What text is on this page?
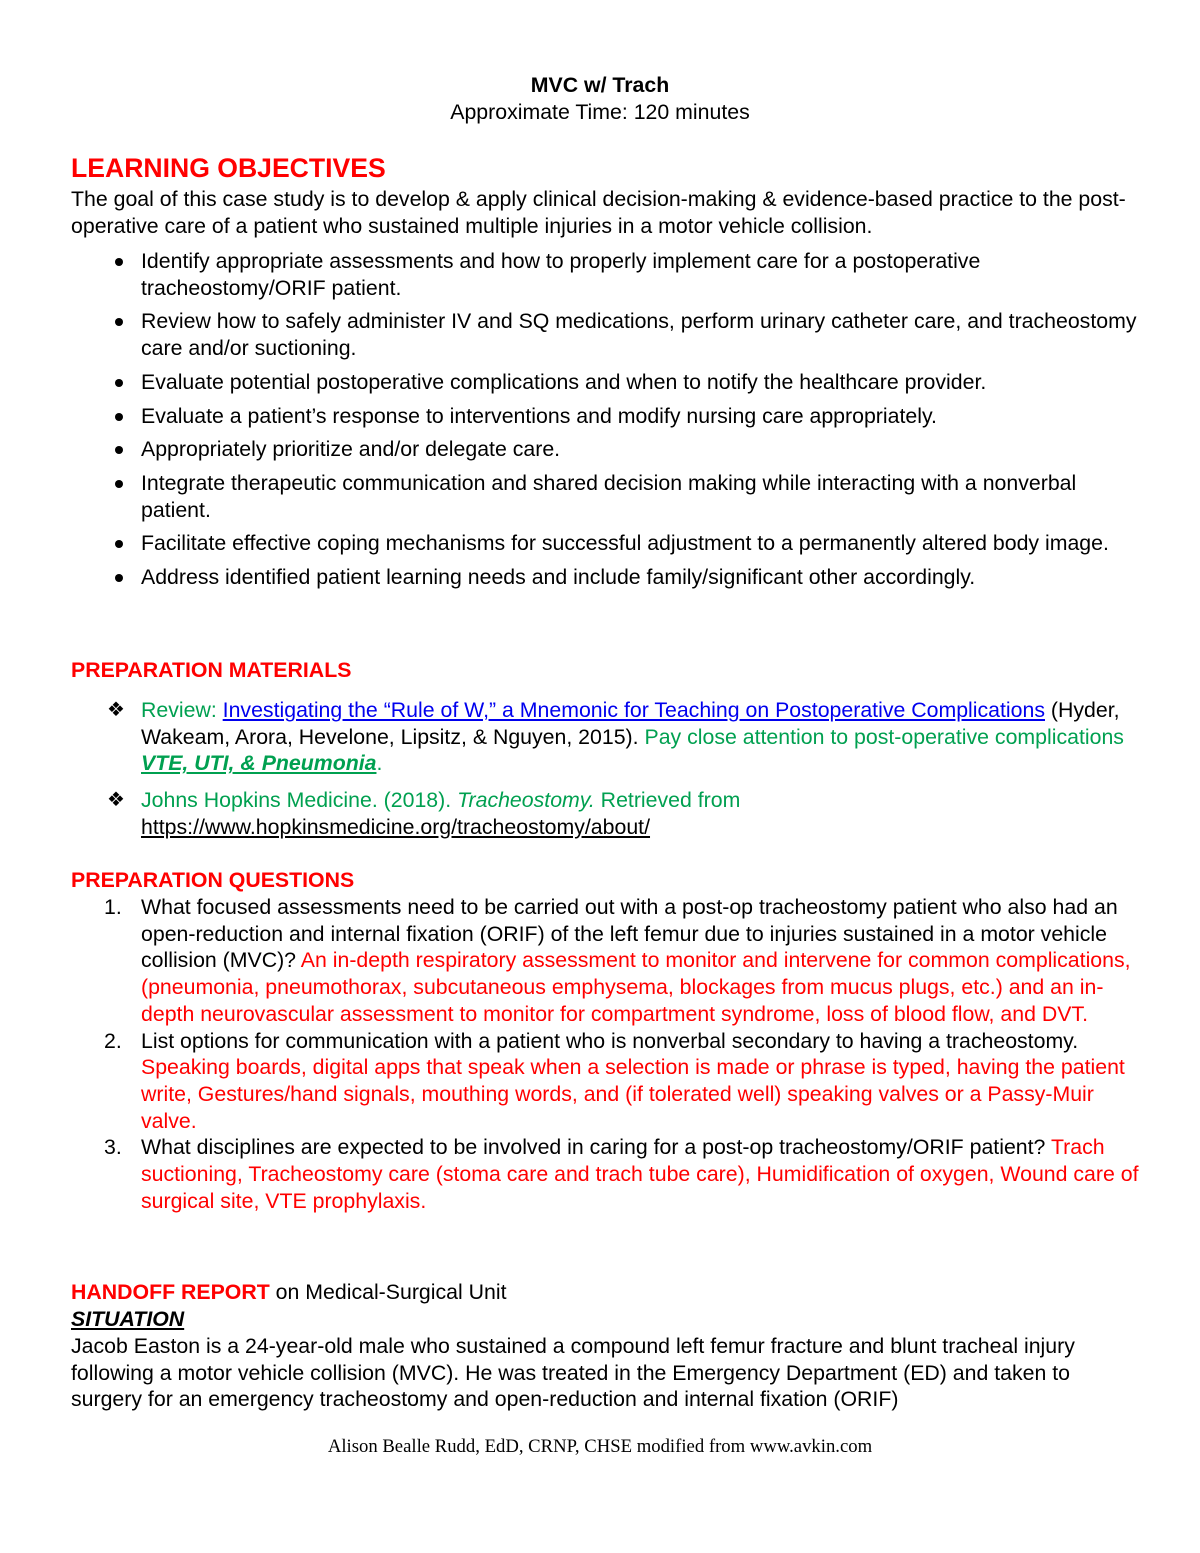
MVC w/ Trach
Approximate Time: 120 minutes
LEARNING OBJECTIVES
The goal of this case study is to develop & apply clinical decision-making & evidence-based practice to the post-operative care of a patient who sustained multiple injuries in a motor vehicle collision.
Identify appropriate assessments and how to properly implement care for a postoperative tracheostomy/ORIF patient.
Review how to safely administer IV and SQ medications, perform urinary catheter care, and tracheostomy care and/or suctioning.
Evaluate potential postoperative complications and when to notify the healthcare provider.
Evaluate a patient’s response to interventions and modify nursing care appropriately.
Appropriately prioritize and/or delegate care.
Integrate therapeutic communication and shared decision making while interacting with a nonverbal patient.
Facilitate effective coping mechanisms for successful adjustment to a permanently altered body image.
Address identified patient learning needs and include family/significant other accordingly.
PREPARATION MATERIALS
❖ Review: Investigating the “Rule of W,” a Mnemonic for Teaching on Postoperative Complications (Hyder, Wakeam, Arora, Hevelone, Lipsitz, & Nguyen, 2015). Pay close attention to post-operative complications VTE, UTI, & Pneumonia.
❖ Johns Hopkins Medicine. (2018). Tracheostomy. Retrieved from
https://www.hopkinsmedicine.org/tracheostomy/about/
PREPARATION QUESTIONS
1. What focused assessments need to be carried out with a post-op tracheostomy patient who also had an open-reduction and internal fixation (ORIF) of the left femur due to injuries sustained in a motor vehicle collision (MVC)? An in-depth respiratory assessment to monitor and intervene for common complications, (pneumonia, pneumothorax, subcutaneous emphysema, blockages from mucus plugs, etc.) and an in-depth neurovascular assessment to monitor for compartment syndrome, loss of blood flow, and DVT.
2. List options for communication with a patient who is nonverbal secondary to having a tracheostomy. Speaking boards, digital apps that speak when a selection is made or phrase is typed, having the patient write, Gestures/hand signals, mouthing words, and (if tolerated well) speaking valves or a Passy-Muir valve.
3. What disciplines are expected to be involved in caring for a post-op tracheostomy/ORIF patient? Trach suctioning, Tracheostomy care (stoma care and trach tube care), Humidification of oxygen, Wound care of surgical site, VTE prophylaxis.
HANDOFF REPORT on Medical-Surgical Unit
SITUATION
Jacob Easton is a 24-year-old male who sustained a compound left femur fracture and blunt tracheal injury following a motor vehicle collision (MVC). He was treated in the Emergency Department (ED) and taken to surgery for an emergency tracheostomy and open-reduction and internal fixation (ORIF)
Alison Bealle Rudd, EdD, CRNP, CHSE modified from www.avkin.com
